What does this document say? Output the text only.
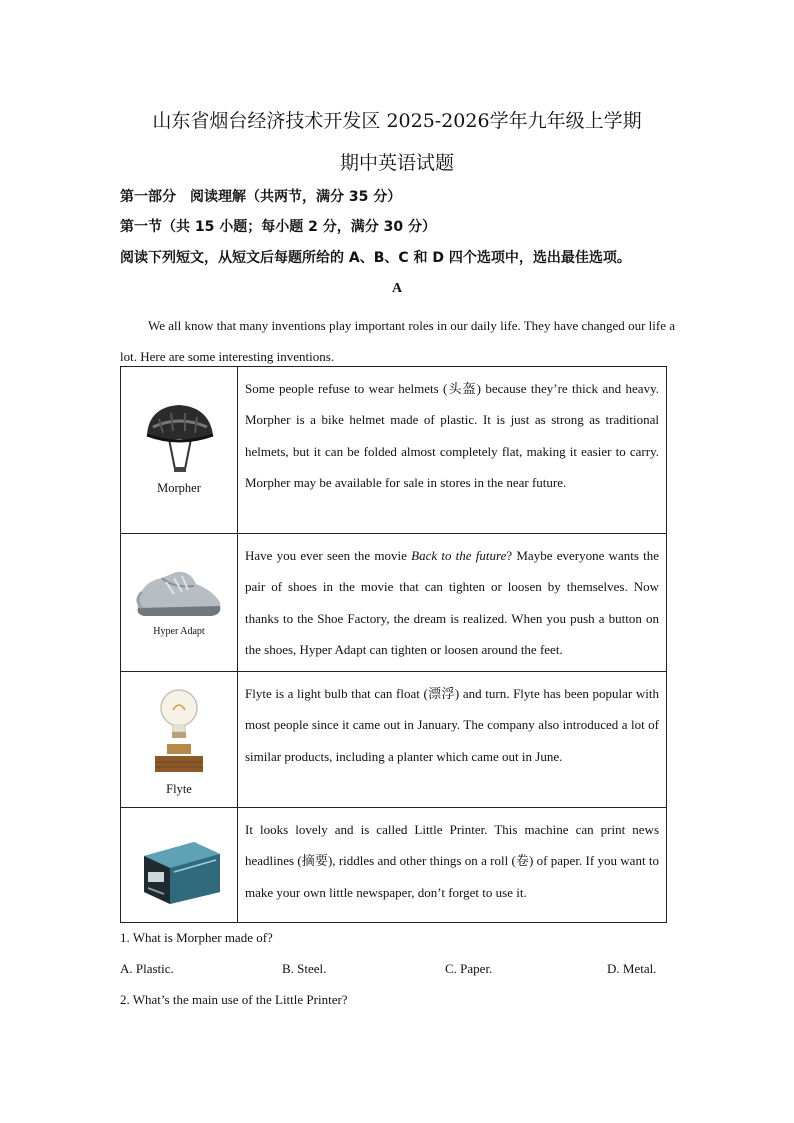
山东省烟台经济技术开发区 2025-2026学年九年级上学期
期中英语试题
第一部分　阅读理解（共两节，满分 35 分）
第一节（共 15 小题；每小题 2 分，满分 30 分）
阅读下列短文，从短文后每题所给的 A、B、C 和 D 四个选项中，选出最佳选项。
A
We all know that many inventions play important roles in our daily life. They have changed our life a lot. Here are some interesting inventions.
Morpher	Some people refuse to wear helmets (头盔) because they’re thick and heavy. Morpher is a bike helmet made of plastic. It is just as strong as traditional helmets, but it can be folded almost completely flat, making it easier to carry. Morpher may be available for sale in stores in the near future.

Hyper Adapt	Have you ever seen the movie Back to the future? Maybe everyone wants the pair of shoes in the movie that can tighten or loosen by themselves. Now thanks to the Shoe Factory, the dream is realized. When you push a button on the shoes, Hyper Adapt can tighten or loosen around the feet.

Flyte	Flyte is a light bulb that can float (漂浮) and turn. Flyte has been popular with most people since it came out in January. The company also introduced a lot of similar products, including a planter which came out in June.

	It looks lovely and is called Little Printer. This machine can print news headlines (摘要), riddles and other things on a roll (卷) of paper. If you want to make your own little newspaper, don’t forget to use it.
1. What is Morpher made of?
A. Plastic.	B. Steel.	C. Paper.	D. Metal.
2. What’s the main use of the Little Printer?
